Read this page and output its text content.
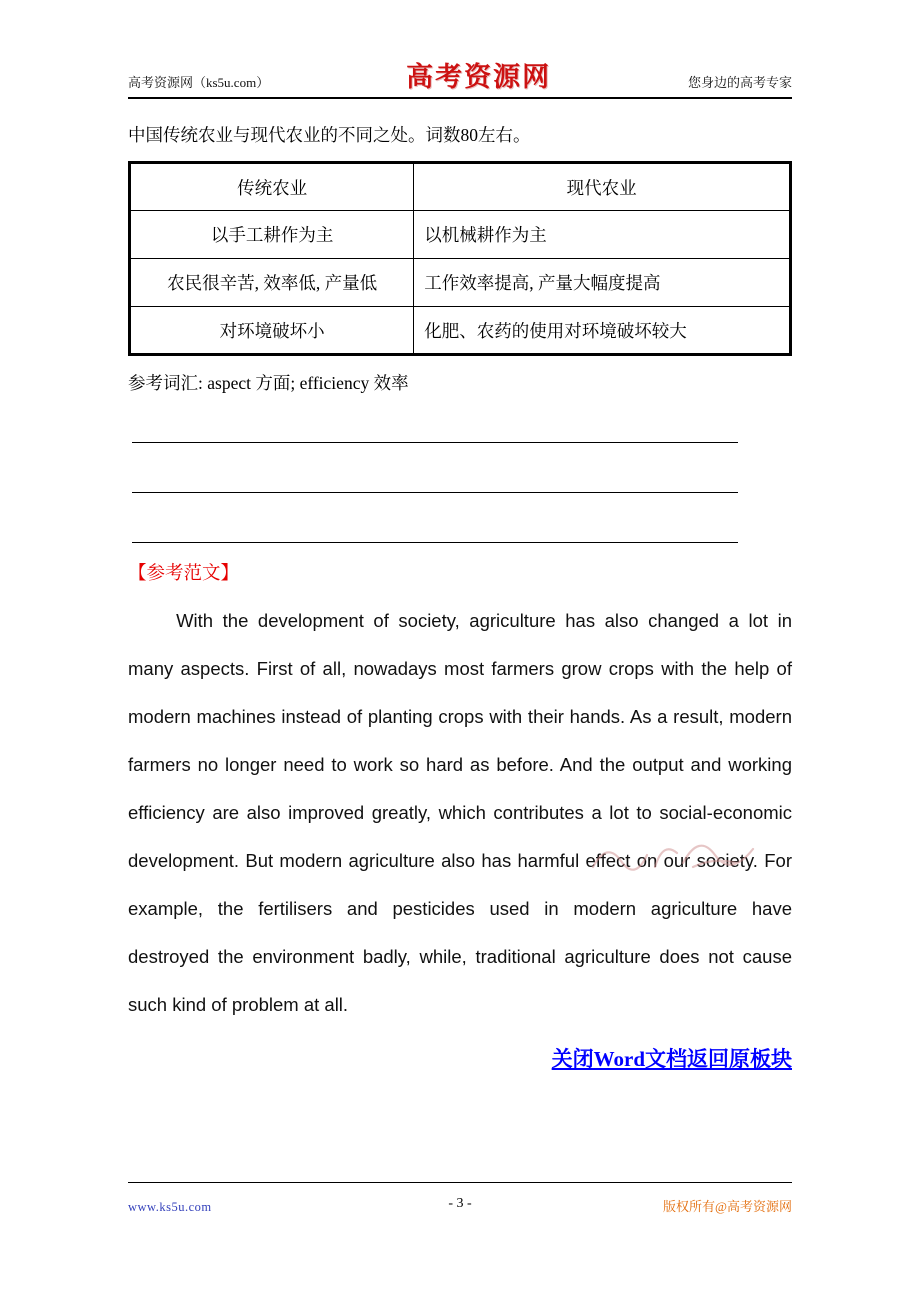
高考资源网（ks5u.com）	高考资源网	您身边的高考专家

中国传统农业与现代农业的不同之处。词数80左右。

传统农业	现代农业
以手工耕作为主	以机械耕作为主
农民很辛苦, 效率低, 产量低	工作效率提高, 产量大幅度提高
对环境破坏小	化肥、农药的使用对环境破坏较大

参考词汇: aspect 方面; efficiency 效率

【参考范文】

With the development of society, agriculture has also changed a lot in many aspects. First of all, nowadays most farmers grow crops with the help of modern machines instead of planting crops with their hands. As a result, modern farmers no longer need to work so hard as before. And the output and working efficiency are also improved greatly, which contributes a lot to social-economic development. But modern agriculture also has harmful effect on our society. For example, the fertilisers and pesticides used in modern agriculture have destroyed the environment badly, while, traditional agriculture does not cause such kind of problem at all.

关闭Word文档返回原板块

www.ks5u.com	- 3 -	版权所有@高考资源网
